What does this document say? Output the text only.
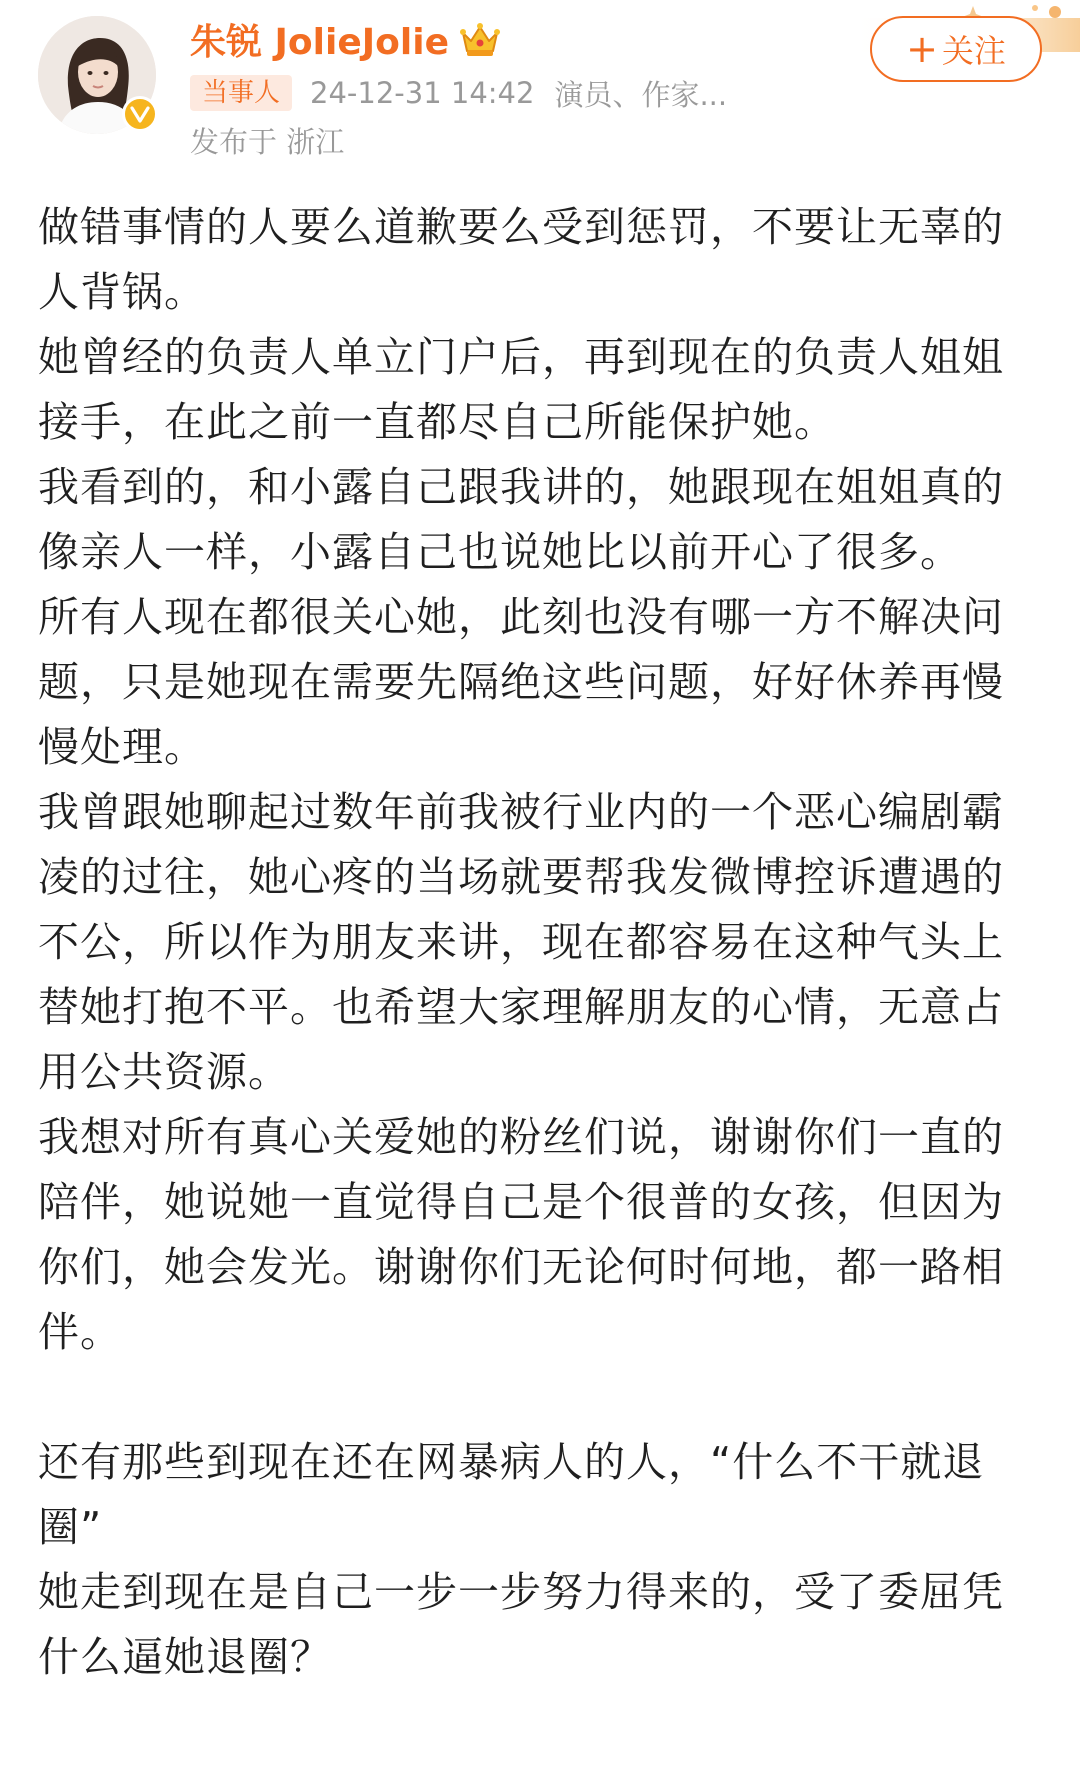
朱锐 JolieJolie
当事人	24-12-31 14:42 演员、作家...
发布于 浙江
+ 关注

做错事情的人要么道歉要么受到惩罚，不要让无辜的人背锅。

她曾经的负责人单立门户后，再到现在的负责人姐姐接手，在此之前一直都尽自己所能保护她。

我看到的，和小露自己跟我讲的，她跟现在姐姐真的像亲人一样，小露自己也说她比以前开心了很多。

所有人现在都很关心她，此刻也没有哪一方不解决问题，只是她现在需要先隔绝这些问题，好好休养再慢慢处理。

我曾跟她聊起过数年前我被行业内的一个恶心编剧霸凌的过往，她心疼的当场就要帮我发微博控诉遭遇的不公，所以作为朋友来讲，现在都容易在这种气头上替她打抱不平。也希望大家理解朋友的心情，无意占用公共资源。

我想对所有真心关爱她的粉丝们说，谢谢你们一直的陪伴，她说她一直觉得自己是个很普的女孩，但因为你们，她会发光。谢谢你们无论何时何地，都一路相伴。

还有那些到现在还在网暴病人的人，“什么不干就退圈”

她走到现在是自己一步一步努力得来的，受了委屈凭什么逼她退圈？
